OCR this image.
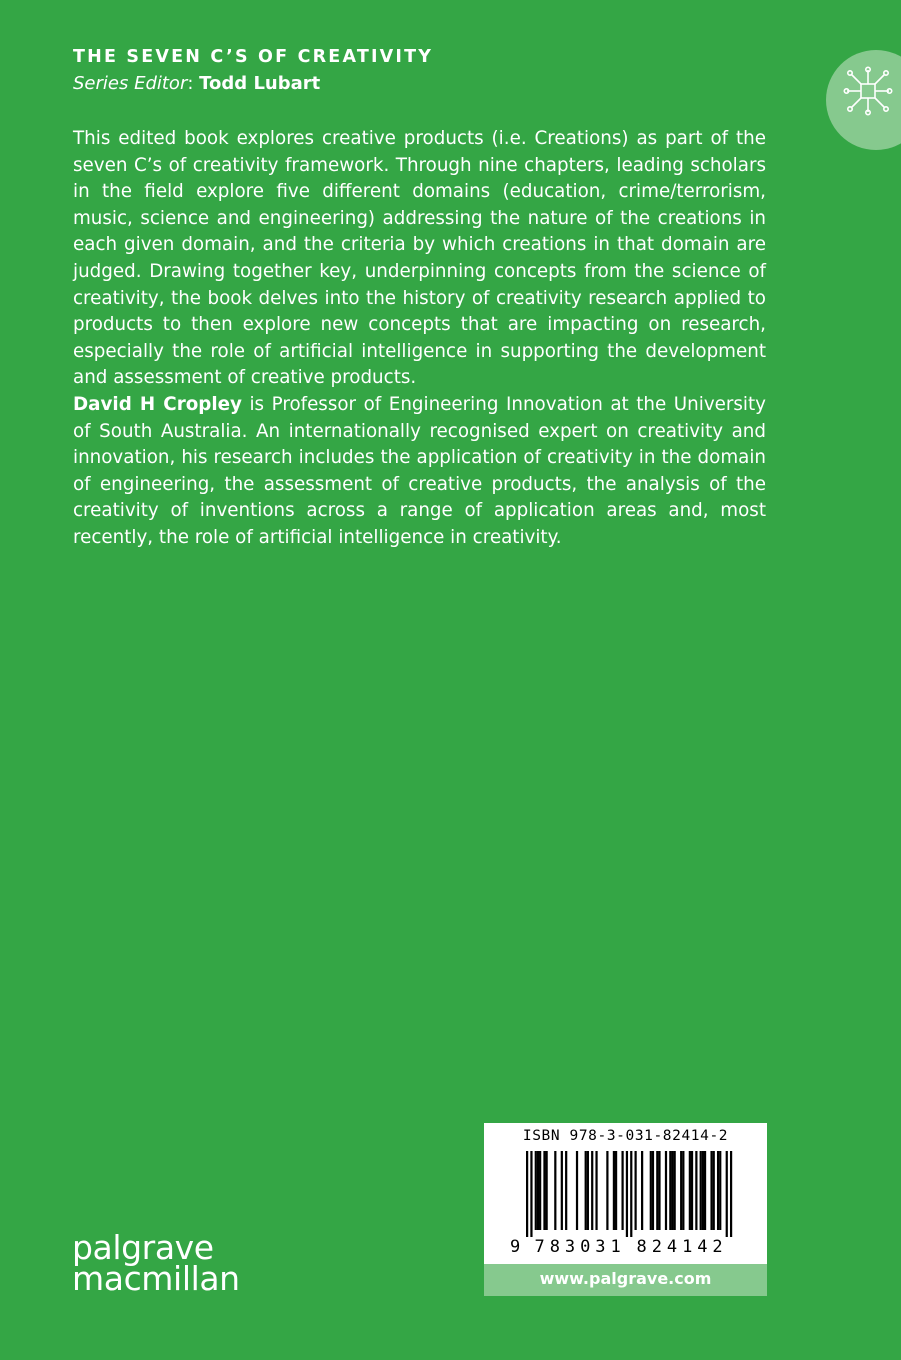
THE SEVEN C’S OF CREATIVITY
Series Editor: Todd Lubart
This edited book explores creative products (i.e. Creations) as part of the seven C’s of creativity framework. Through nine chapters, leading scholars in the field explore five different domains (education, crime/terrorism, music, science and engineering) addressing the nature of the creations in each given domain, and the criteria by which creations in that domain are judged. Drawing together key, underpinning concepts from the science of creativity, the book delves into the history of creativity research applied to products to then explore new concepts that are impacting on research, especially the role of artificial intelligence in supporting the development and assessment of creative products.
David H Cropley is Professor of Engineering Innovation at the University of South Australia. An internationally recognised expert on creativity and innovation, his research includes the application of creativity in the domain of engineering, the assessment of creative products, the analysis of the creativity of inventions across a range of application areas and, most recently, the role of artificial intelligence in creativity.
palgrave
macmillan
ISBN 978-3-031-82414-2
9 7 8 3 0 3 1 8 2 4 1 4 2
www.palgrave.com
